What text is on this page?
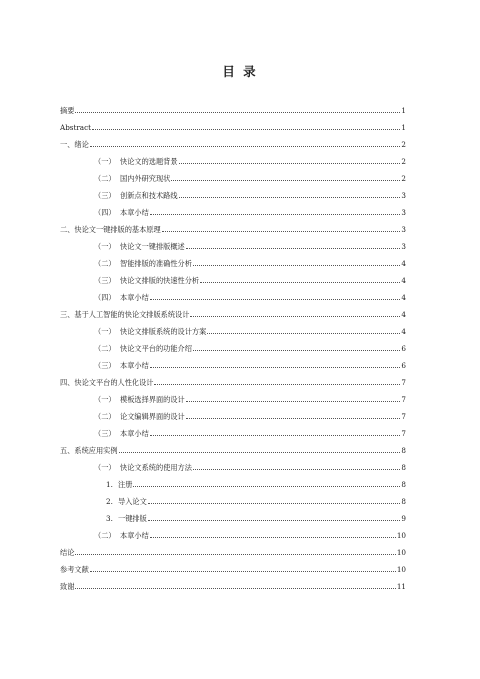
目 录
摘要	1
Abstract	1
一、绪论	2
（一） 快论文的选题背景	2
（二） 国内外研究现状	2
（三） 创新点和技术路线	3
（四） 本章小结	3
二、快论文一键排版的基本原理	3
（一） 快论文一键排版概述	3
（二） 智能排版的准确性分析	4
（三） 快论文排版的快速性分析	4
（四） 本章小结	4
三、基于人工智能的快论文排版系统设计	4
（一） 快论文排版系统的设计方案	4
（二） 快论文平台的功能介绍	6
（三） 本章小结	6
四、快论文平台的人性化设计	7
（一） 模板选择界面的设计	7
（二） 论文编辑界面的设计	7
（三） 本章小结	7
五、系统应用实例	8
（一） 快论文系统的使用方法	8
1. 注册	8
2. 导入论文	8
3. 一键排版	9
（二） 本章小结	10
结论	10
参考文献	10
致谢	11
